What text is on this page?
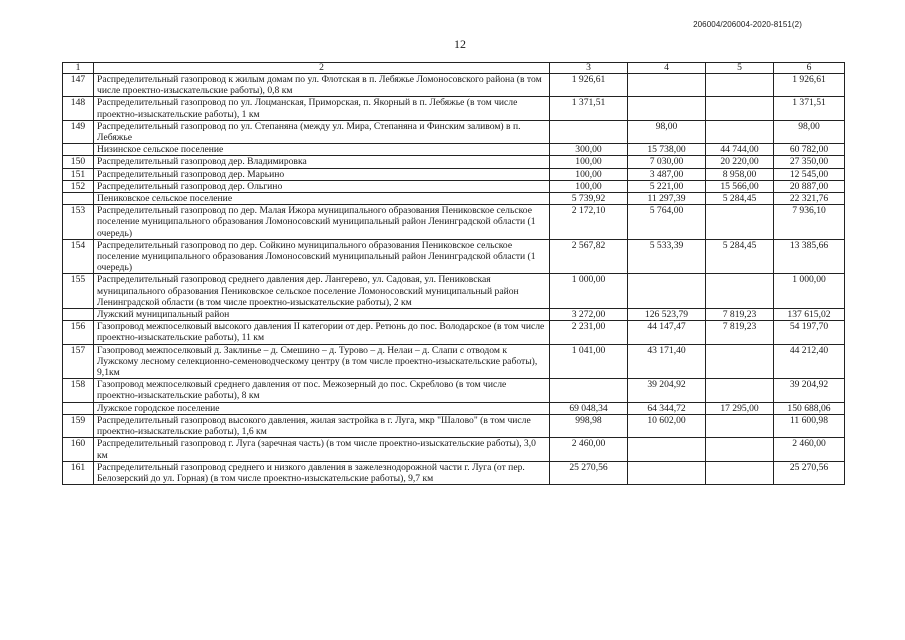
206004/206004-2020-8151(2)
12
1	2	3	4	5	6
147	Распределительный газопровод к жилым домам по ул. Флотская в п. Лебяжье Ломоносовского района (в том числе проектно-изыскательские работы), 0,8 км	1 926,61			1 926,61
148	Распределительный газопровод по ул. Лоцманская, Приморская, п. Якорный в п. Лебяжье (в том числе проектно-изыскательские работы), 1 км	1 371,51			1 371,51
149	Распределительный газопровод по ул. Степаняна (между ул. Мира, Степаняна и Финским заливом) в п. Лебяжье		98,00		98,00
	Низинское сельское поселение	300,00	15 738,00	44 744,00	60 782,00
150	Распределительный газопровод дер. Владимировка	100,00	7 030,00	20 220,00	27 350,00
151	Распределительный газопровод дер. Марьино	100,00	3 487,00	8 958,00	12 545,00
152	Распределительный газопровод дер. Ольгино	100,00	5 221,00	15 566,00	20 887,00
	Пениковское сельское поселение	5 739,92	11 297,39	5 284,45	22 321,76
153	Распределительный газопровод по дер. Малая Ижора муниципального образования Пениковское сельское поселение муниципального образования Ломоносовский муниципальный район Ленинградской области (1 очередь)	2 172,10	5 764,00		7 936,10
154	Распределительный газопровод по дер. Сойкино муниципального образования Пениковское сельское поселение муниципального образования Ломоносовский муниципальный район Ленинградской области (1 очередь)	2 567,82	5 533,39	5 284,45	13 385,66
155	Распределительный газопровод среднего давления дер. Лангерево, ул. Садовая, ул. Пениковская муниципального образования Пениковское сельское поселение Ломоносовский муниципальный район Ленинградской области (в том числе проектно-изыскательские работы), 2 км	1 000,00			1 000,00
	Лужский муниципальный район	3 272,00	126 523,79	7 819,23	137 615,02
156	Газопровод межпоселковый высокого давления II категории от дер. Ретюнь до пос. Володарское (в том числе проектно-изыскательские работы), 11 км	2 231,00	44 147,47	7 819,23	54 197,70
157	Газопровод межпоселковый д. Заклинье – д. Смешино – д. Турово – д. Нелаи – д. Слапи с отводом к Лужскому лесному селекционно-семеноводческому центру (в том числе проектно-изыскательские работы), 9,1км	1 041,00	43 171,40		44 212,40
158	Газопровод межпоселковый среднего давления от пос. Межозерный до пос. Скреблово (в том числе проектно-изыскательские работы), 8 км		39 204,92		39 204,92
	Лужское городское поселение	69 048,34	64 344,72	17 295,00	150 688,06
159	Распределительный газопровод высокого давления, жилая застройка в г. Луга, мкр "Шалово" (в том числе проектно-изыскательские работы), 1,6 км	998,98	10 602,00		11 600,98
160	Распределительный газопровод г. Луга (заречная часть) (в том числе проектно-изыскательские работы), 3,0 км	2 460,00			2 460,00
161	Распределительный газопровод среднего и низкого давления в зажелезнодорожной части г. Луга (от пер. Белозерский до ул. Горная) (в том числе проектно-изыскательские работы), 9,7 км	25 270,56			25 270,56
